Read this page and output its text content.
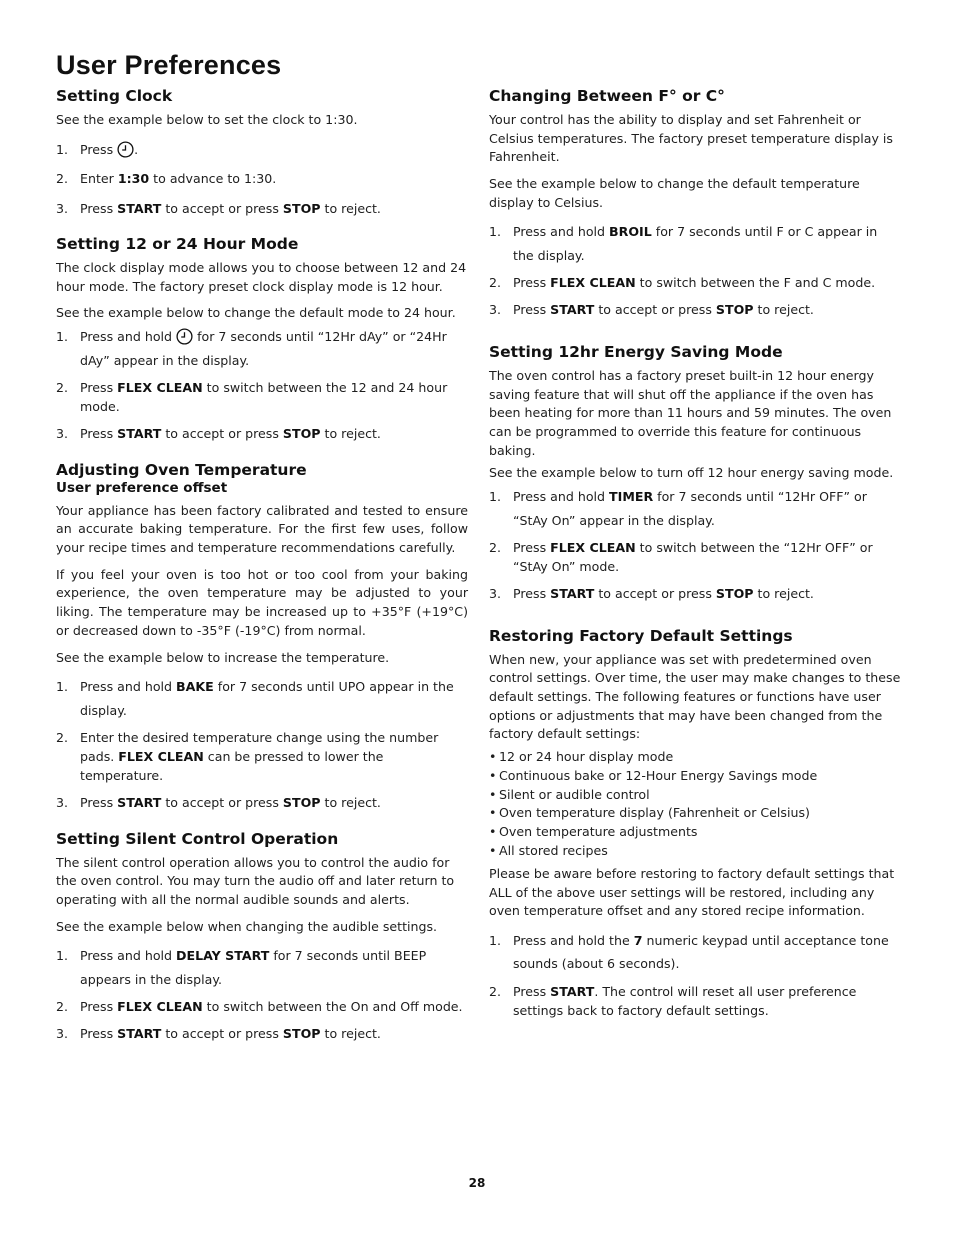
User Preferences
Setting Clock

See the example below to set the clock to 1:30.

1. Press .
2. Enter 1:30 to advance to 1:30.
3. Press START to accept or press STOP to reject.
Setting 12 or 24 Hour Mode

The clock display mode allows you to choose between 12 and 24 hour mode. The factory preset clock display mode is 12 hour.

See the example below to change the default mode to 24 hour.

1. Press and hold for 7 seconds until “12Hr dAy” or “24Hr dAy” appear in the display.
2. Press FLEX CLEAN to switch between the 12 and 24 hour mode.
3. Press START to accept or press STOP to reject.
Adjusting Oven Temperature
User preference offset

Your appliance has been factory calibrated and tested to ensure an accurate baking temperature. For the first few uses, follow your recipe times and temperature recommendations carefully.

If you feel your oven is too hot or too cool from your baking experience, the oven temperature may be adjusted to your liking. The temperature may be increased up to +35°F (+19°C) or decreased down to -35°F (-19°C) from normal.

See the example below to increase the temperature.

1. Press and hold BAKE for 7 seconds until UPO appear in the display.
2. Enter the desired temperature change using the number pads. FLEX CLEAN can be pressed to lower the temperature.
3. Press START to accept or press STOP to reject.
Setting Silent Control Operation

The silent control operation allows you to control the audio for the oven control. You may turn the audio off and later return to operating with all the normal audible sounds and alerts.

See the example below when changing the audible settings.

1. Press and hold DELAY START for 7 seconds until BEEP appears in the display.
2. Press FLEX CLEAN to switch between the On and Off mode.
3. Press START to accept or press STOP to reject.
Changing Between F° or C°

Your control has the ability to display and set Fahrenheit or Celsius temperatures. The factory preset temperature display is Fahrenheit.

See the example below to change the default temperature display to Celsius.

1. Press and hold BROIL for 7 seconds until F or C appear in the display.
2. Press FLEX CLEAN to switch between the F and C mode.
3. Press START to accept or press STOP to reject.
Setting 12hr Energy Saving Mode

The oven control has a factory preset built-in 12 hour energy saving feature that will shut off the appliance if the oven has been heating for more than 11 hours and 59 minutes. The oven can be programmed to override this feature for continuous baking.

See the example below to turn off 12 hour energy saving mode.

1. Press and hold TIMER for 7 seconds until “12Hr OFF” or “StAy On” appear in the display.
2. Press FLEX CLEAN to switch between the “12Hr OFF” or “StAy On” mode.
3. Press START to accept or press STOP to reject.
Restoring Factory Default Settings

When new, your appliance was set with predetermined oven control settings. Over time, the user may make changes to these default settings. The following features or functions have user options or adjustments that may have been changed from the factory default settings:

• 12 or 24 hour display mode
• Continuous bake or 12-Hour Energy Savings mode
• Silent or audible control
• Oven temperature display (Fahrenheit or Celsius)
• Oven temperature adjustments
• All stored recipes

Please be aware before restoring to factory default settings that ALL of the above user settings will be restored, including any oven temperature offset and any stored recipe information.

1. Press and hold the 7 numeric keypad until acceptance tone sounds (about 6 seconds).
2. Press START. The control will reset all user preference settings back to factory default settings.
28
